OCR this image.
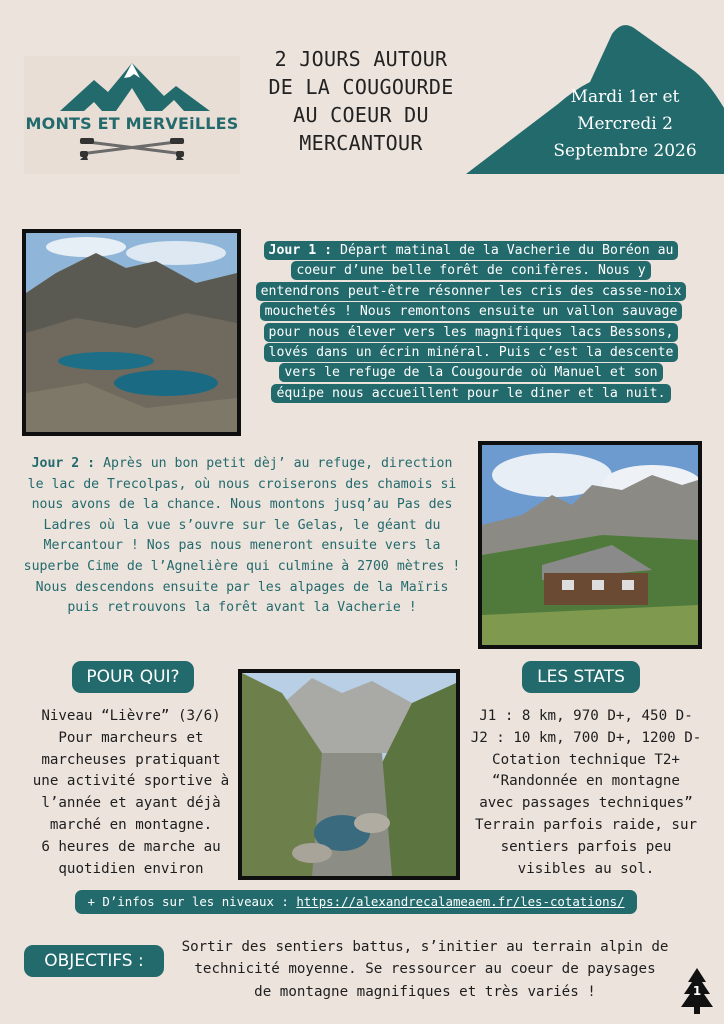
MONTS ET MERVEiLLES
2 JOURS AUTOUR
DE LA COUGOURDE
AU COEUR DU
MERCANTOUR
Mardi 1er et
Mercredi 2
Septembre 2026
Jour 1 : Départ matinal de la Vacherie du Boréon au coeur d’une belle forêt de conifères. Nous y entendrons peut-être résonner les cris des casse-noix mouchetés ! Nous remontons ensuite un vallon sauvage pour nous élever vers les magnifiques lacs Bessons, lovés dans un écrin minéral. Puis c’est la descente vers le refuge de la Cougourde où Manuel et son équipe nous accueillent pour le diner et la nuit.
Jour 2 : Après un bon petit dèj’ au refuge, direction le lac de Trecolpas, où nous croiserons des chamois si nous avons de la chance. Nous montons jusq’au Pas des Ladres où la vue s’ouvre sur le Gelas, le géant du Mercantour ! Nos pas nous meneront ensuite vers la superbe Cime de l’Agnelière qui culmine à 2700 mètres !
Nous descendons ensuite par les alpages de la Maïris puis retrouvons la forêt avant la Vacherie !
POUR QUI?
Niveau “Lièvre” (3/6)
Pour marcheurs et
marcheuses pratiquant
une activité sportive à
l’année et ayant déjà
marché en montagne.
6 heures de marche au
quotidien environ
LES STATS
J1 : 8 km, 970 D+, 450 D-
J2 : 10 km, 700 D+, 1200 D-
Cotation technique T2+
“Randonnée en montagne
avec passages techniques”
Terrain parfois raide, sur
sentiers parfois peu
visibles au sol.
+ D’infos sur les niveaux : https://alexandrecalameaem.fr/les-cotations/
OBJECTIFS :
Sortir des sentiers battus, s’initier au terrain alpin de
technicité moyenne. Se ressourcer au coeur de paysages
de montagne magnifiques et très variés !	1
